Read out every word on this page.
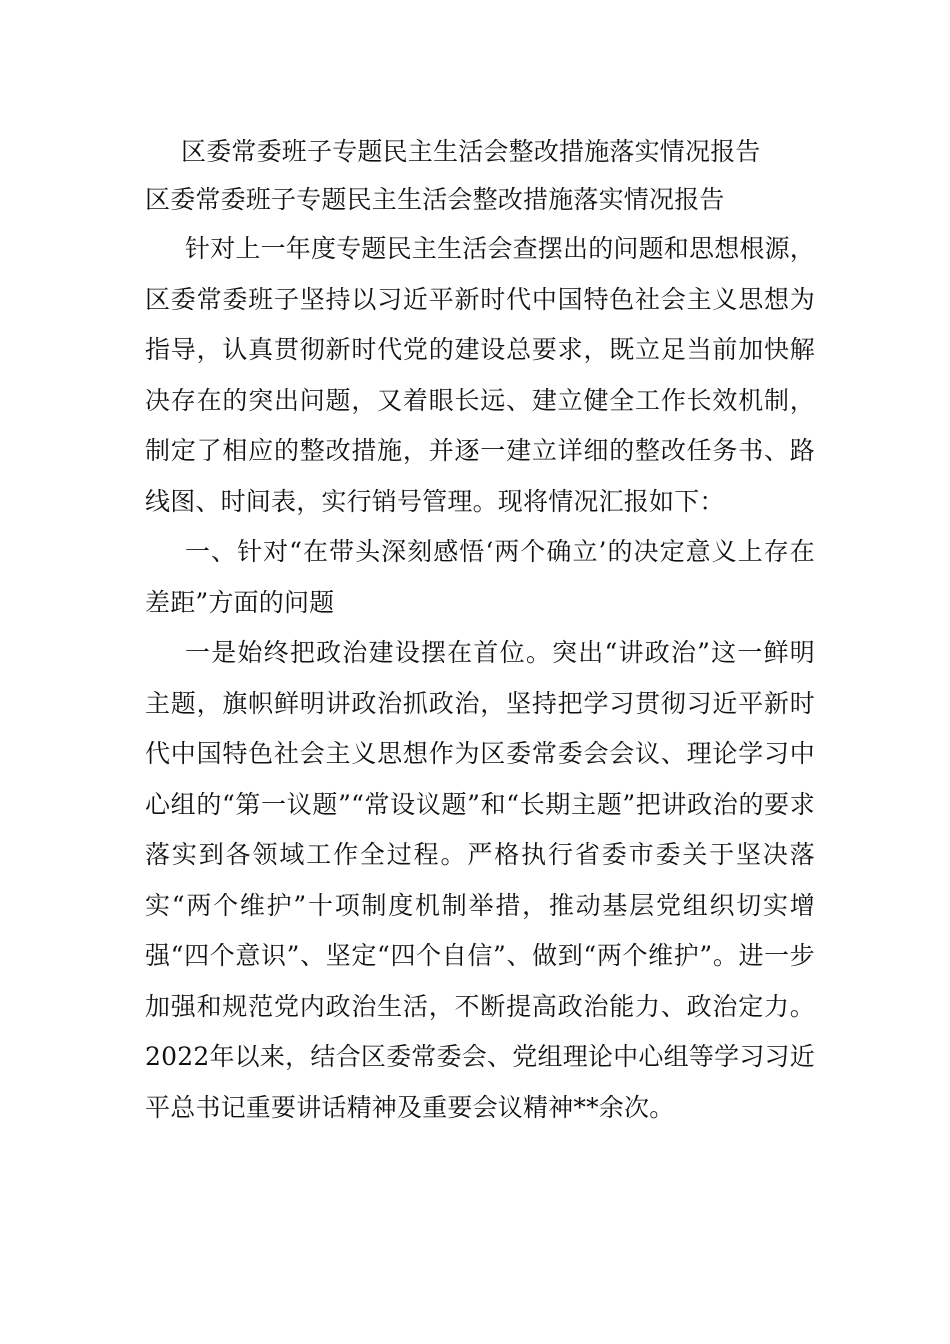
区委常委班子专题民主生活会整改措施落实情况报告
区委常委班子专题民主生活会整改措施落实情况报告

针对上一年度专题民主生活会查摆出的问题和思想根源，区委常委班子坚持以习近平新时代中国特色社会主义思想为指导，认真贯彻新时代党的建设总要求，既立足当前加快解决存在的突出问题，又着眼长远、建立健全工作长效机制，制定了相应的整改措施，并逐一建立详细的整改任务书、路线图、时间表，实行销号管理。现将情况汇报如下：

一、针对“在带头深刻感悟‘两个确立’的决定意义上存在差距”方面的问题

一是始终把政治建设摆在首位。突出“讲政治”这一鲜明主题，旗帜鲜明讲政治抓政治，坚持把学习贯彻习近平新时代中国特色社会主义思想作为区委常委会会议、理论学习中心组的“第一议题”“常设议题”和“长期主题”把讲政治的要求落实到各领域工作全过程。严格执行省委市委关于坚决落实“两个维护”十项制度机制举措，推动基层党组织切实增强“四个意识”、坚定“四个自信”、做到“两个维护”。进一步加强和规范党内政治生活，不断提高政治能力、政治定力。2022年以来，结合区委常委会、党组理论中心组等学习习近平总书记重要讲话精神及重要会议精神**余次。
